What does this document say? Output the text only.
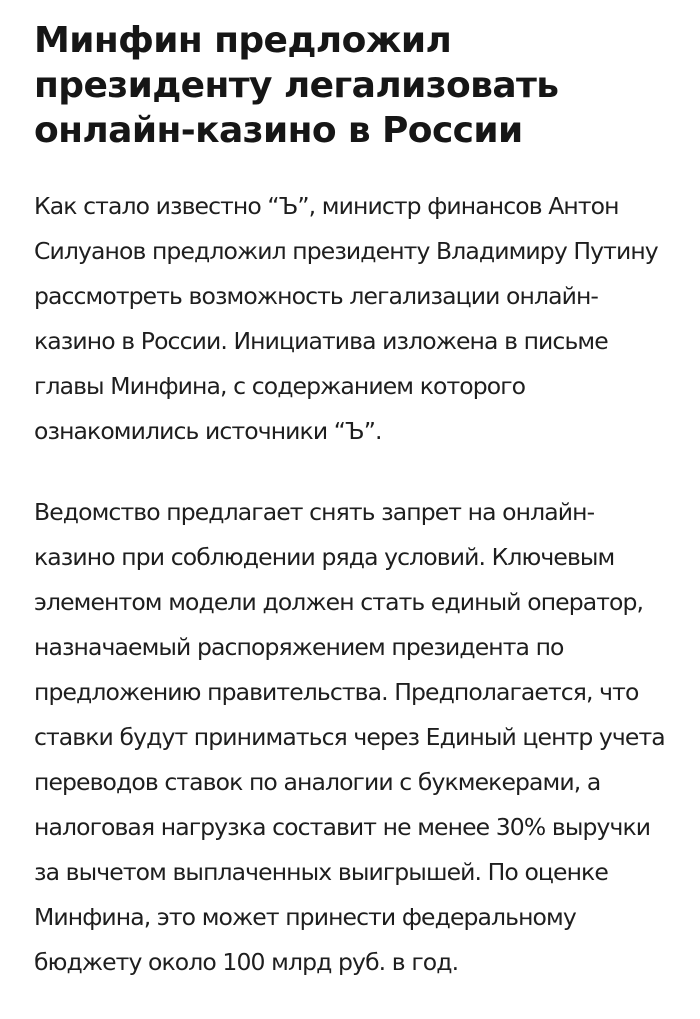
Минфин предложил президенту легализовать онлайн-казино в России

Как стало известно “Ъ”, министр финансов Антон Силуанов предложил президенту Владимиру Путину рассмотреть возможность легализации онлайн-казино в России. Инициатива изложена в письме главы Минфина, с содержанием которого ознакомились источники “Ъ”.

Ведомство предлагает снять запрет на онлайн-казино при соблюдении ряда условий. Ключевым элементом модели должен стать единый оператор, назначаемый распоряжением президента по предложению правительства. Предполагается, что ставки будут приниматься через Единый центр учета переводов ставок по аналогии с букмекерами, а налоговая нагрузка составит не менее 30% выручки за вычетом выплаченных выигрышей. По оценке Минфина, это может принести федеральному бюджету около 100 млрд руб. в год.
